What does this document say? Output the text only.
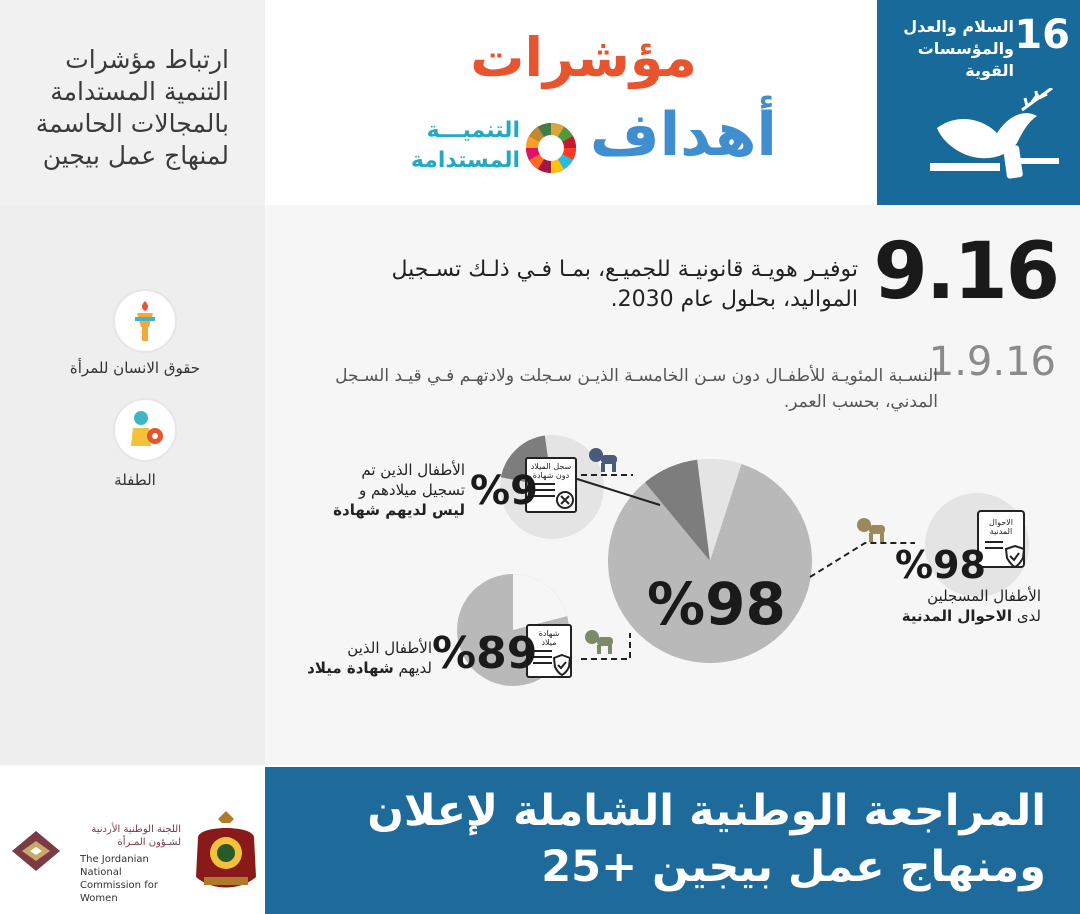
ارتباط مؤشرات
التنمية المستدامة
بالمجالات الحاسمة
لمنهاج عمل بيجين
مؤشرات
أهداف
التنميـــة
المستدامة
16
السلام والعدل
والمؤسسات
القوية
حقوق الانسان للمرأة
الطفلة
9.16
توفيـر هويـة قانونيـة للجميـع، بمـا فـي ذلـك تسـجيل
المواليد، بحلول عام 2030.
1.9.16
النسـبة المئويـة للأطفـال دون سـن الخامسـة الذيـن سـجلت ولادتهـم فـي قيـد السـجل
المدني، بحسب العمر.
سجل الميلاد
دون شهادة
شهادة
ميلاد
الاحوال
المدنية
%98
%9
%89
%98
الأطفال الذين تم
تسجيل ميلادهم و
ليس لديهم شهادة
الأطفال الذين
لديهم شهادة ميلاد
الأطفال المسجلين
لدى الاحوال المدنية
اللجنة الوطنية الأردنية
لشـؤون المـرأة
The Jordanian National
Commission for Women
المراجعة الوطنية الشاملة لإعلان
ومنهاج عمل بيجين +25
